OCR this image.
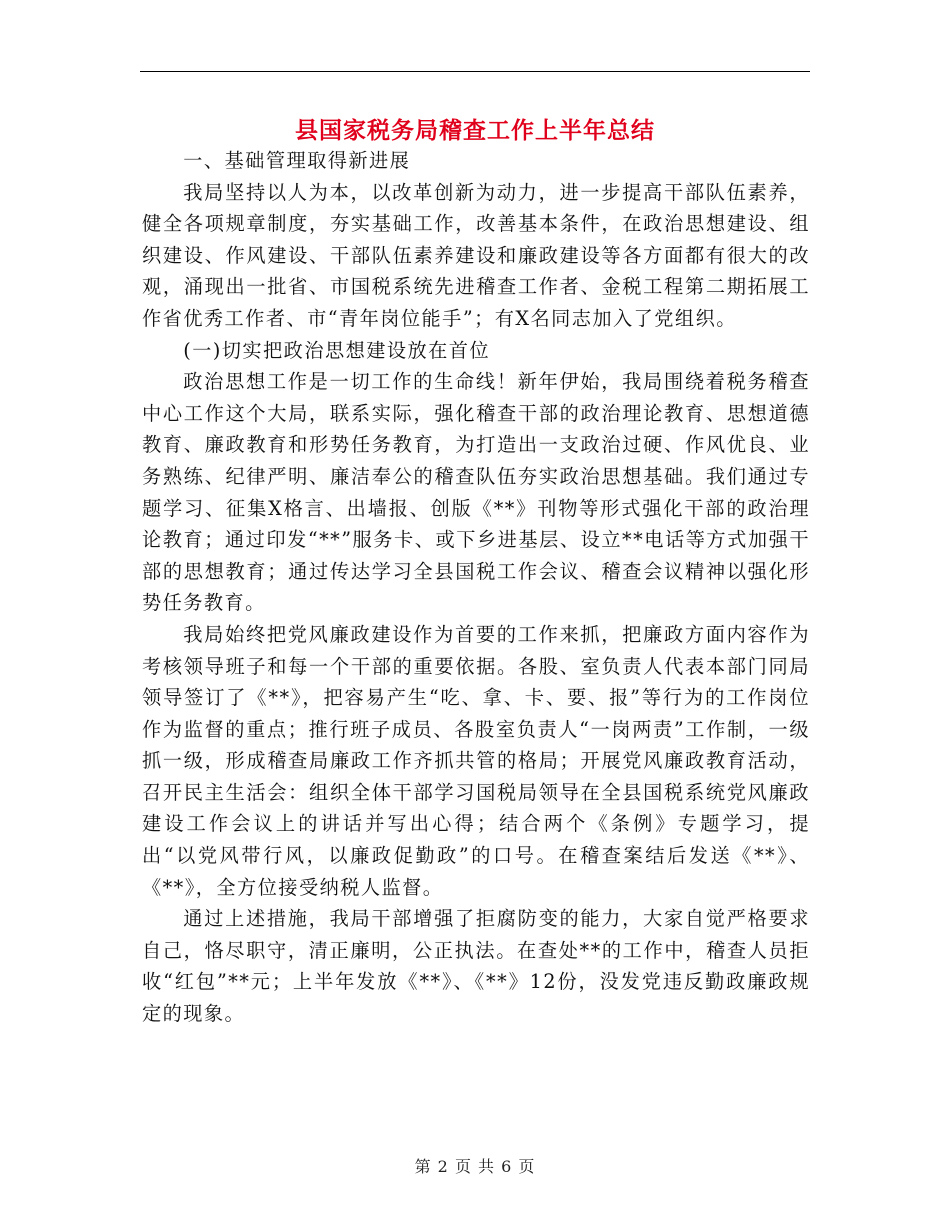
县国家税务局稽查工作上半年总结

一、基础管理取得新进展

我局坚持以人为本，以改革创新为动力，进一步提高干部队伍素养，健全各项规章制度，夯实基础工作，改善基本条件，在政治思想建设、组织建设、作风建设、干部队伍素养建设和廉政建设等各方面都有很大的改观，涌现出一批省、市国税系统先进稽查工作者、金税工程第二期拓展工作省优秀工作者、市“青年岗位能手”；有X名同志加入了党组织。

(一)切实把政治思想建设放在首位

政治思想工作是一切工作的生命线！新年伊始，我局围绕着税务稽查中心工作这个大局，联系实际，强化稽查干部的政治理论教育、思想道德教育、廉政教育和形势任务教育，为打造出一支政治过硬、作风优良、业务熟练、纪律严明、廉洁奉公的稽查队伍夯实政治思想基础。我们通过专题学习、征集X格言、出墙报、创版《**》刊物等形式强化干部的政治理论教育；通过印发“**”服务卡、或下乡进基层、设立**电话等方式加强干部的思想教育；通过传达学习全县国税工作会议、稽查会议精神以强化形势任务教育。

我局始终把党风廉政建设作为首要的工作来抓，把廉政方面内容作为考核领导班子和每一个干部的重要依据。各股、室负责人代表本部门同局领导签订了《**》，把容易产生“吃、拿、卡、要、报”等行为的工作岗位作为监督的重点；推行班子成员、各股室负责人“一岗两责”工作制，一级抓一级，形成稽查局廉政工作齐抓共管的格局；开展党风廉政教育活动，召开民主生活会：组织全体干部学习国税局领导在全县国税系统党风廉政建设工作会议上的讲话并写出心得；结合两个《条例》专题学习，提出“以党风带行风，以廉政促勤政”的口号。在稽查案结后发送《**》、《**》，全方位接受纳税人监督。

通过上述措施，我局干部增强了拒腐防变的能力，大家自觉严格要求自己，恪尽职守，清正廉明，公正执法。在查处**的工作中，稽查人员拒收“红包”**元；上半年发放《**》、《**》12份，没发党违反勤政廉政规定的现象。

第 2 页 共 6 页
